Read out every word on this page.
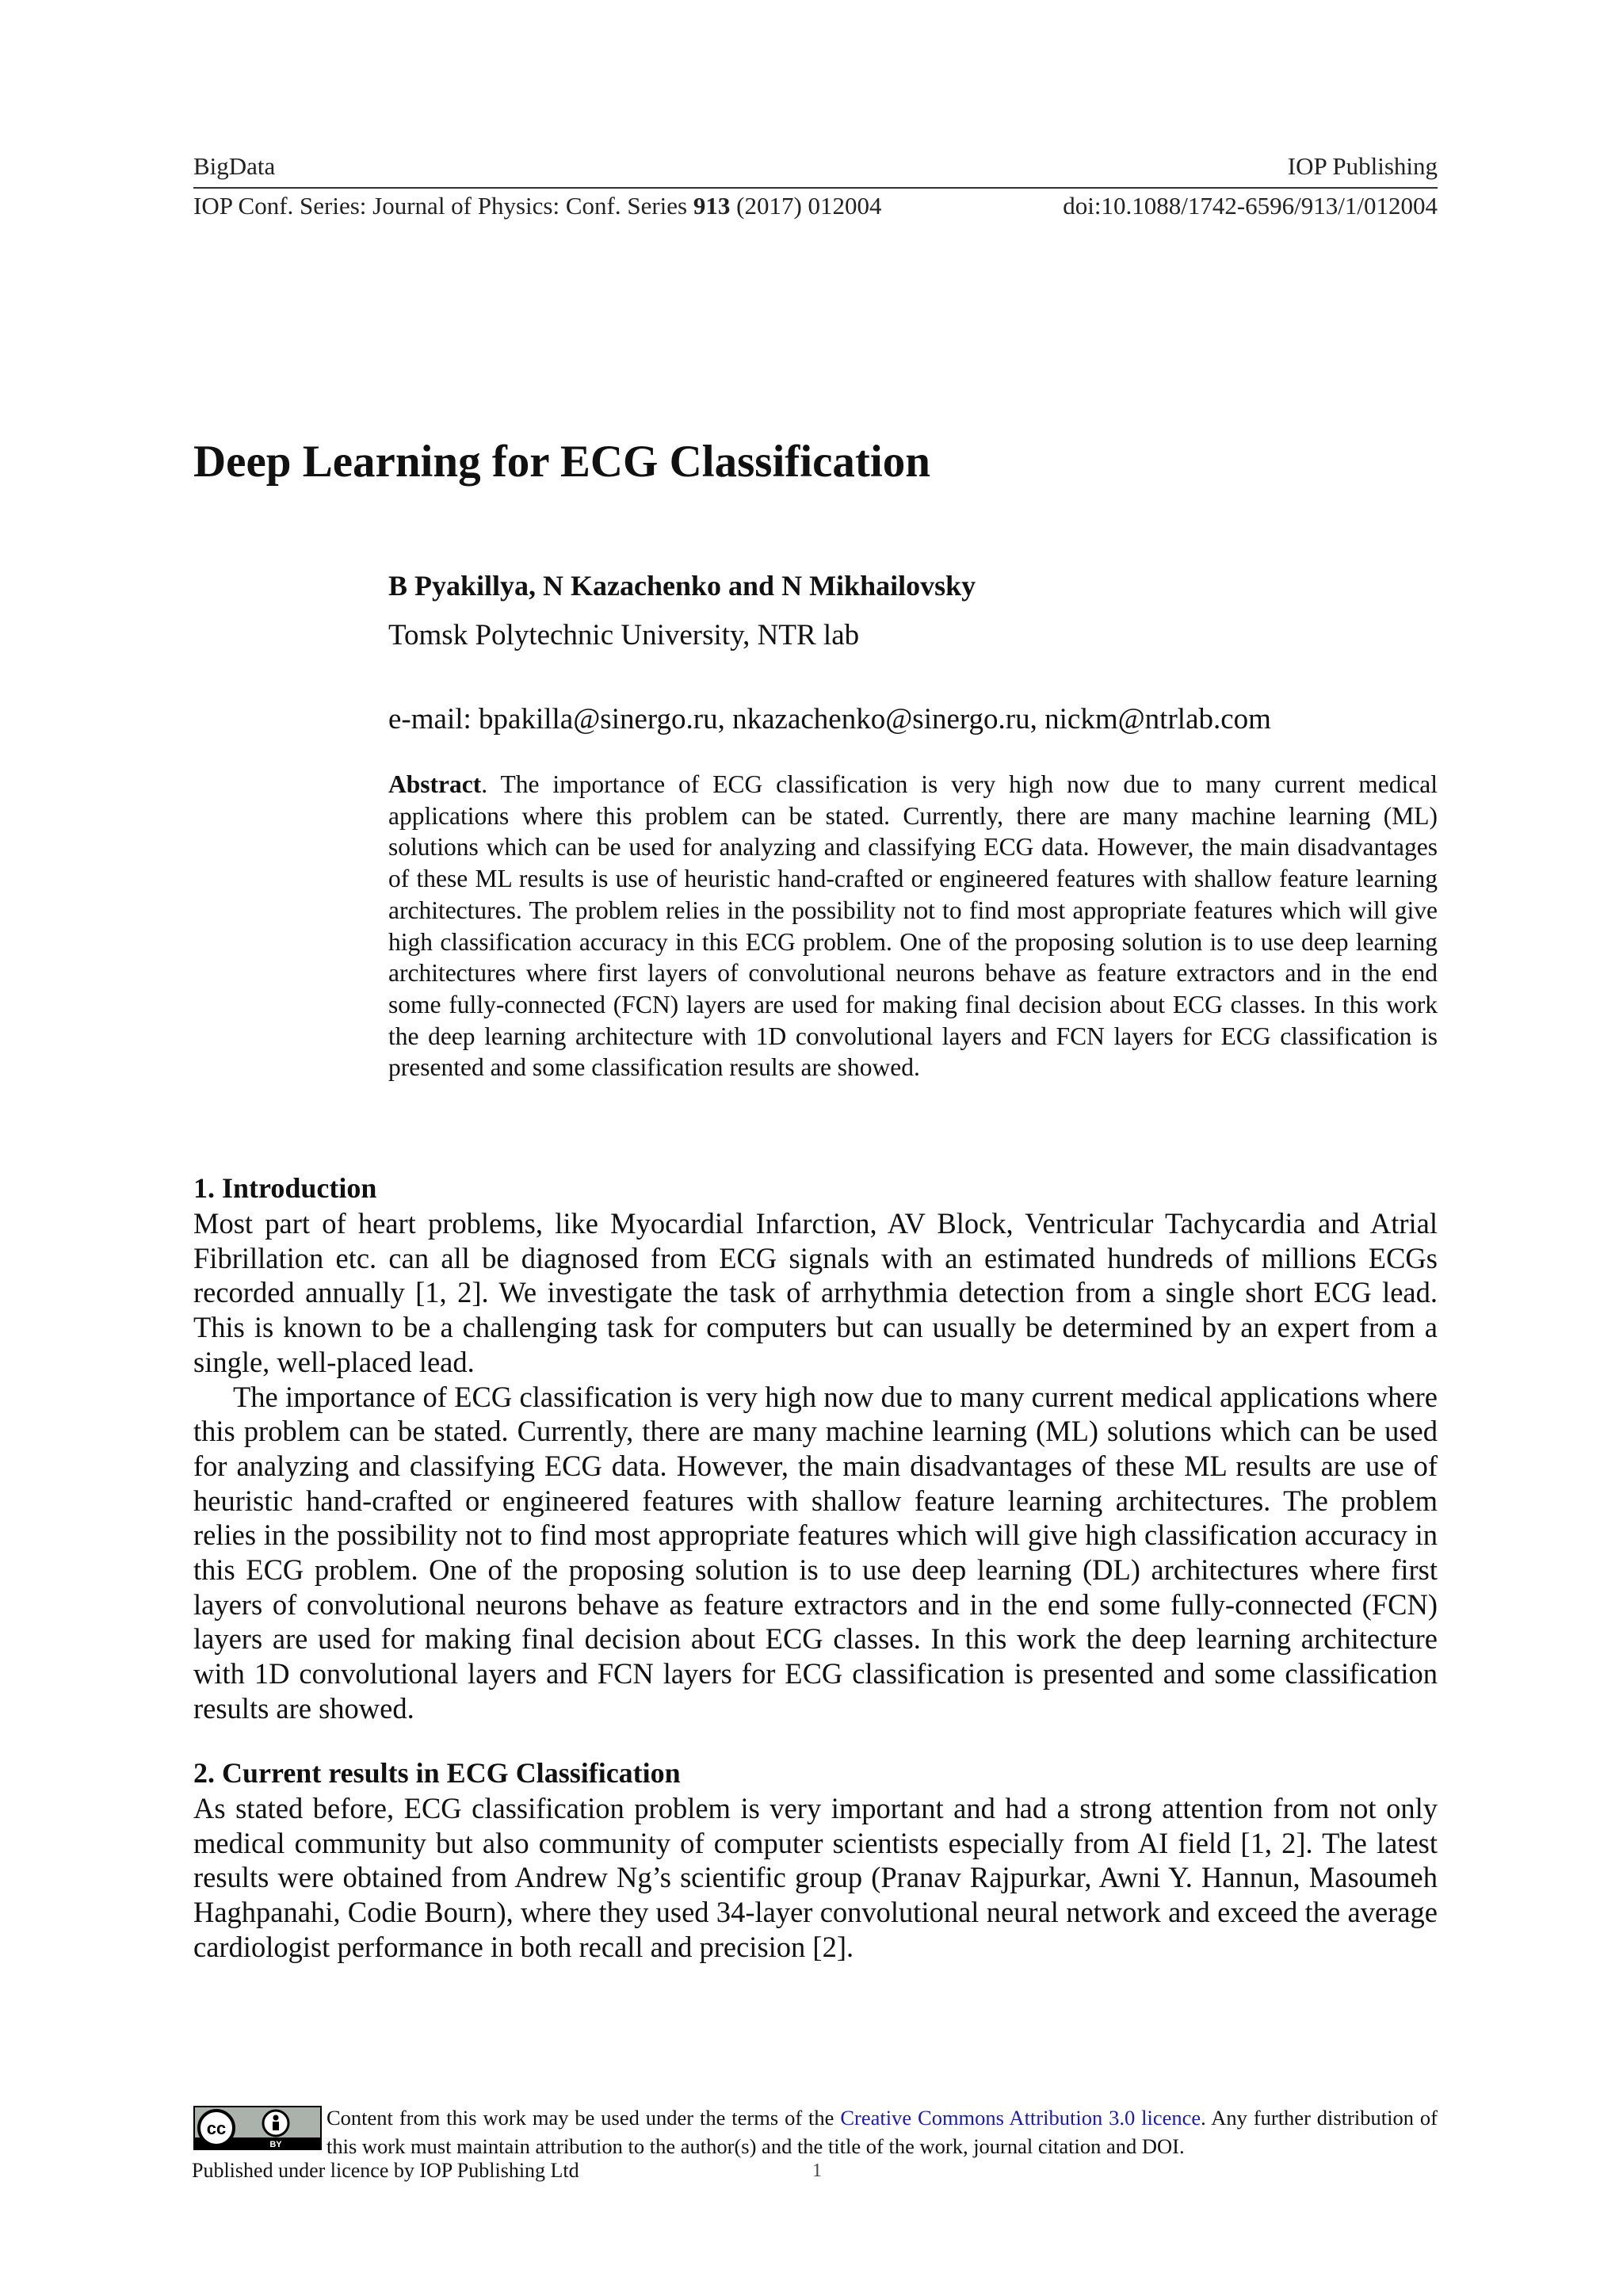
BigData	IOP Publishing
IOP Conf. Series: Journal of Physics: Conf. Series 913 (2017) 012004	doi:10.1088/1742-6596/913/1/012004
Deep Learning for ECG Classification
B Pyakillya, N Kazachenko and N Mikhailovsky
Tomsk Polytechnic University, NTR lab
e-mail: bpakilla@sinergo.ru, nkazachenko@sinergo.ru, nickm@ntrlab.com
Abstract. The importance of ECG classification is very high now due to many current medical applications where this problem can be stated. Currently, there are many machine learning (ML) solutions which can be used for analyzing and classifying ECG data. However, the main disadvantages of these ML results is use of heuristic hand-crafted or engineered features with shallow feature learning architectures. The problem relies in the possibility not to find most appropriate features which will give high classification accuracy in this ECG problem. One of the proposing solution is to use deep learning architectures where first layers of convolutional neurons behave as feature extractors and in the end some fully-connected (FCN) layers are used for making final decision about ECG classes. In this work the deep learning architecture with 1D convolutional layers and FCN layers for ECG classification is presented and some classification results are showed.
1. Introduction

Most part of heart problems, like Myocardial Infarction, AV Block, Ventricular Tachycardia and Atrial Fibrillation etc. can all be diagnosed from ECG signals with an estimated hundreds of millions ECGs recorded annually [1, 2]. We investigate the task of arrhythmia detection from a single short ECG lead. This is known to be a challenging task for computers but can usually be determined by an expert from a single, well-placed lead.

The importance of ECG classification is very high now due to many current medical applications where this problem can be stated. Currently, there are many machine learning (ML) solutions which can be used for analyzing and classifying ECG data. However, the main disadvantages of these ML results are use of heuristic hand-crafted or engineered features with shallow feature learning architectures. The problem relies in the possibility not to find most appropriate features which will give high classification accuracy in this ECG problem. One of the proposing solution is to use deep learning (DL) architectures where first layers of convolutional neurons behave as feature extractors and in the end some fully-connected (FCN) layers are used for making final decision about ECG classes. In this work the deep learning architecture with 1D convolutional layers and FCN layers for ECG classification is presented and some classification results are showed.

2. Current results in ECG Classification

As stated before, ECG classification problem is very important and had a strong attention from not only medical community but also community of computer scientists especially from AI field [1, 2]. The latest results were obtained from Andrew Ng’s scientific group (Pranav Rajpurkar, Awni Y. Hannun, Masoumeh Haghpanahi, Codie Bourn), where they used 34-layer convolutional neural network and exceed the average cardiologist performance in both recall and precision [2].

cc
BY
Content from this work may be used under the terms of the Creative Commons Attribution 3.0 licence. Any further distribution of this work must maintain attribution to the author(s) and the title of the work, journal citation and DOI.
Published under licence by IOP Publishing Ltd	1
